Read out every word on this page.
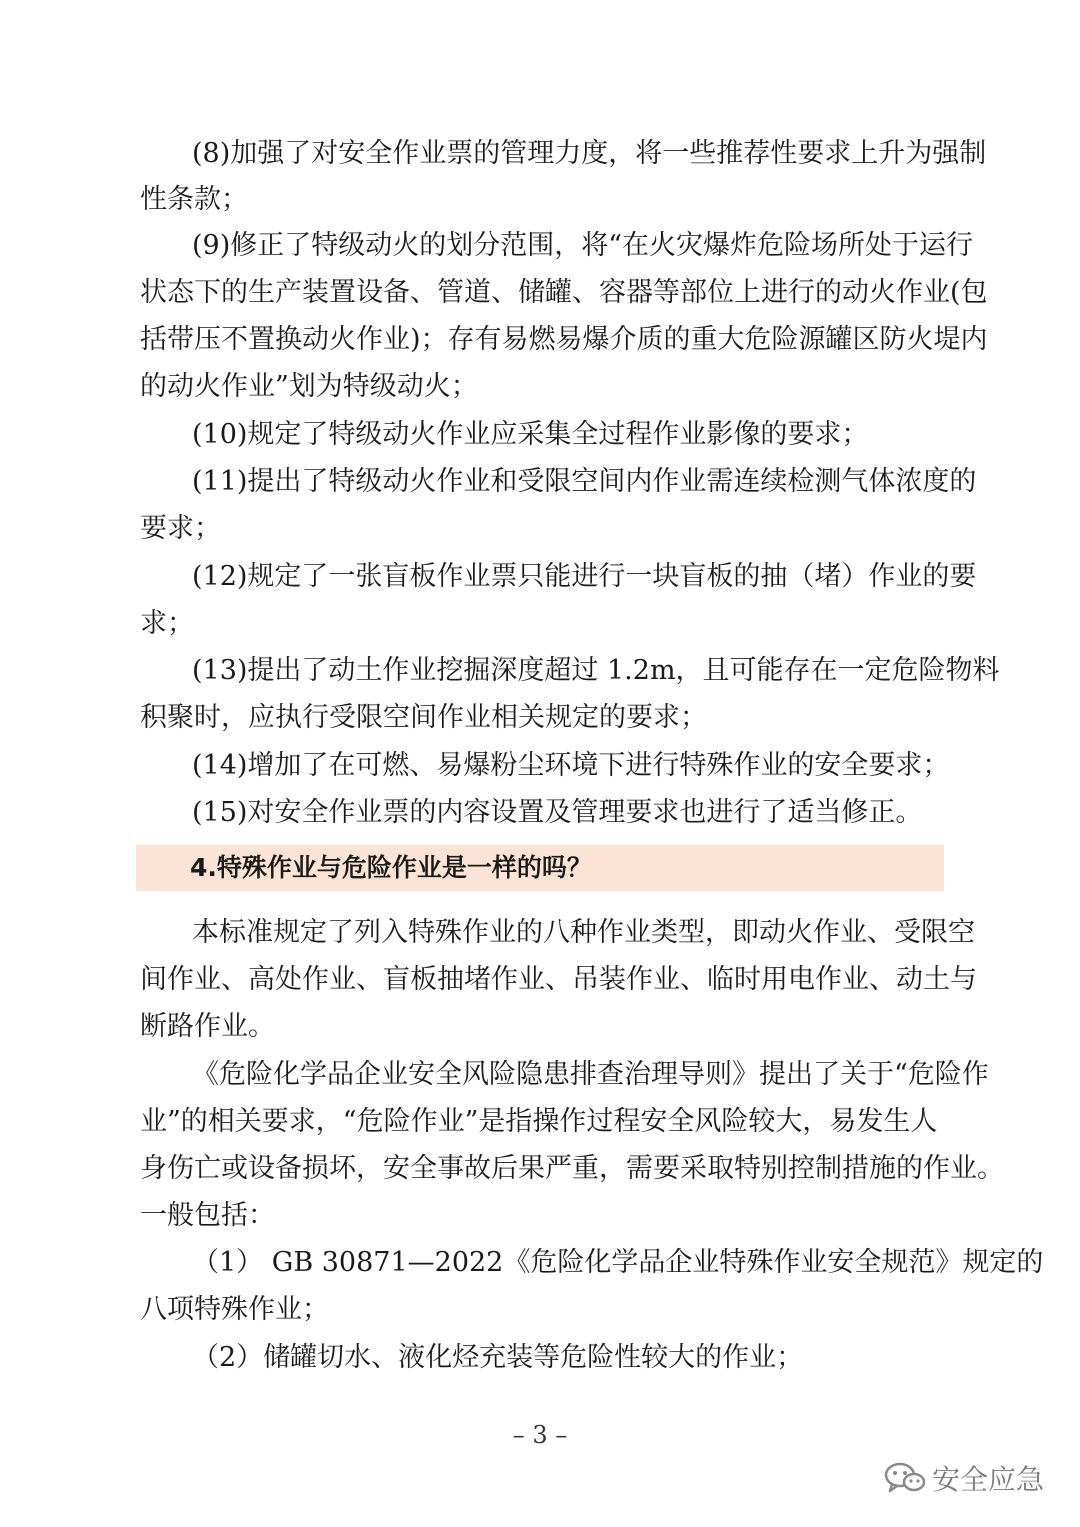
(8)加强了对安全作业票的管理力度，将一些推荐性要求上升为强制
性条款；
(9)修正了特级动火的划分范围，将“在火灾爆炸危险场所处于运行
状态下的生产装置设备、管道、储罐、容器等部位上进行的动火作业(包
括带压不置换动火作业)；存有易燃易爆介质的重大危险源罐区防火堤内
的动火作业”划为特级动火；
(10)规定了特级动火作业应采集全过程作业影像的要求；
(11)提出了特级动火作业和受限空间内作业需连续检测气体浓度的
要求；
(12)规定了一张盲板作业票只能进行一块盲板的抽（堵）作业的要
求；
(13)提出了动土作业挖掘深度超过 1.2m，且可能存在一定危险物料
积聚时，应执行受限空间作业相关规定的要求；
(14)增加了在可燃、易爆粉尘环境下进行特殊作业的安全要求；
(15)对安全作业票的内容设置及管理要求也进行了适当修正。
4.特殊作业与危险作业是一样的吗？
本标准规定了列入特殊作业的八种作业类型，即动火作业、受限空
间作业、高处作业、盲板抽堵作业、吊装作业、临时用电作业、动土与
断路作业。
《危险化学品企业安全风险隐患排查治理导则》提出了关于“危险作
业”的相关要求，“危险作业”是指操作过程安全风险较大，易发生人
身伤亡或设备损坏，安全事故后果严重，需要采取特别控制措施的作业。
一般包括：
（1） GB 30871—2022《危险化学品企业特殊作业安全规范》规定的
八项特殊作业；
（2）储罐切水、液化烃充装等危险性较大的作业；
– 3 –
安全应急
